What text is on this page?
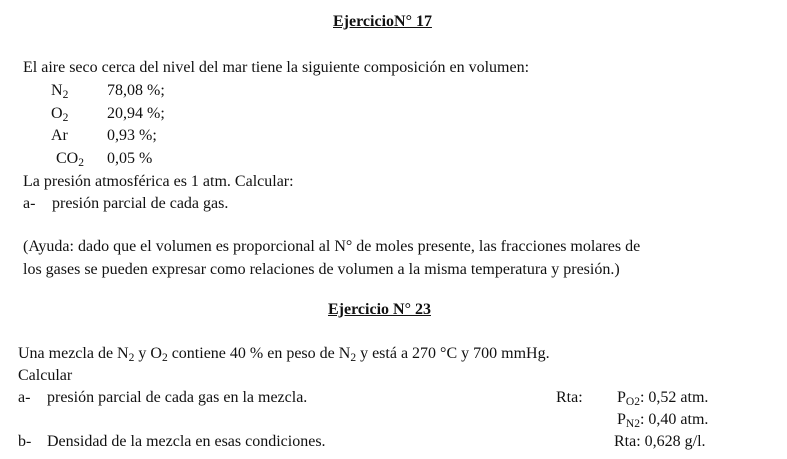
EjercicioN° 17
El aire seco cerca del nivel del mar tiene la siguiente composición en volumen:
$N_2$ 78,08 %;
$O_2$ 20,94 %;
Ar 0,93 %;
$CO_2$ 0,05 %
La presión atmosférica es 1 atm. Calcular:
a- presión parcial de cada gas.
(Ayuda: dado que el volumen es proporcional al N° de moles presente, las fracciones molares de
los gases se pueden expresar como relaciones de volumen a la misma temperatura y presión.)
Ejercicio N° 23
Una mezcla de $N_2$ y $O_2$ contiene 40 % en peso de $N_2$ y está a 270 °C y 700 mmHg.
Calcular
a- presión parcial de cada gas en la mezcla.	Rta: $P_{O2}$: 0,52 atm.
$P_{N2}$: 0,40 atm.
b- Densidad de la mezcla en esas condiciones.	Rta: 0,628 g/l.
